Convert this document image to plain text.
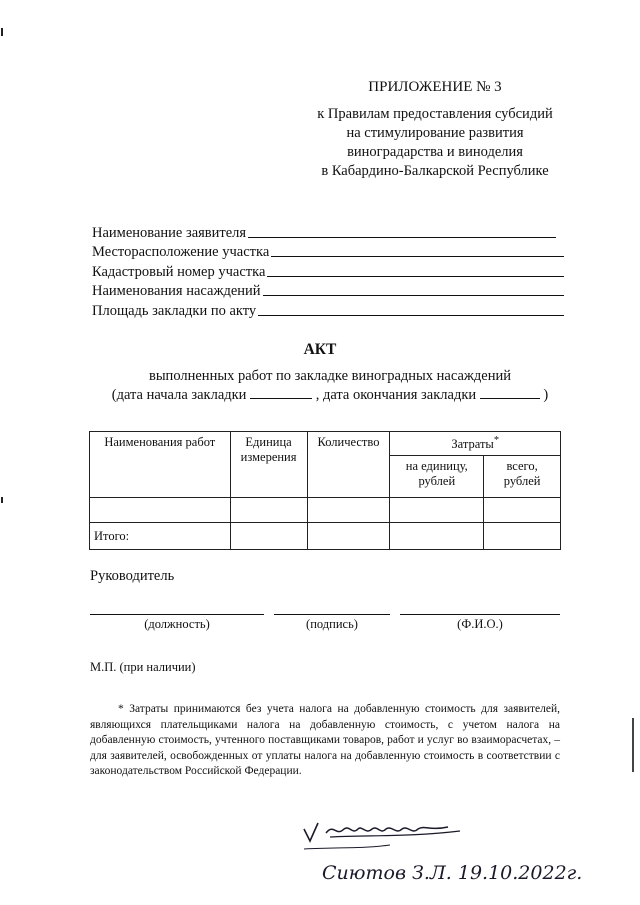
ПРИЛОЖЕНИЕ № 3
к Правилам предоставления субсидий
на стимулирование развития
виноградарства и виноделия
в Кабардино-Балкарской Республике
Наименование заявителя
Месторасположение участка
Кадастровый номер участка
Наименования насаждений
Площадь закладки по акту
АКТ
выполненных работ по закладке виноградных насаждений
(дата начала закладки	, дата окончания закладки	)
Наименования работ	Единица измерения	Количество	Затраты*
			на единицу, рублей	всего, рублей

Итого:				
Руководитель
(должность)	(подпись)	(Ф.И.О.)
М.П. (при наличии)
* Затраты принимаются без учета налога на добавленную стоимость для заявителей, являющихся плательщиками налога на добавленную стоимость, с учетом налога на добавленную стоимость, учтенного поставщиками товаров, работ и услуг во взаиморасчетах, – для заявителей, освобожденных от уплаты налога на добавленную стоимость в соответствии с законодательством Российской Федерации.
Сиютов З.Л. 19.10.2022г.
